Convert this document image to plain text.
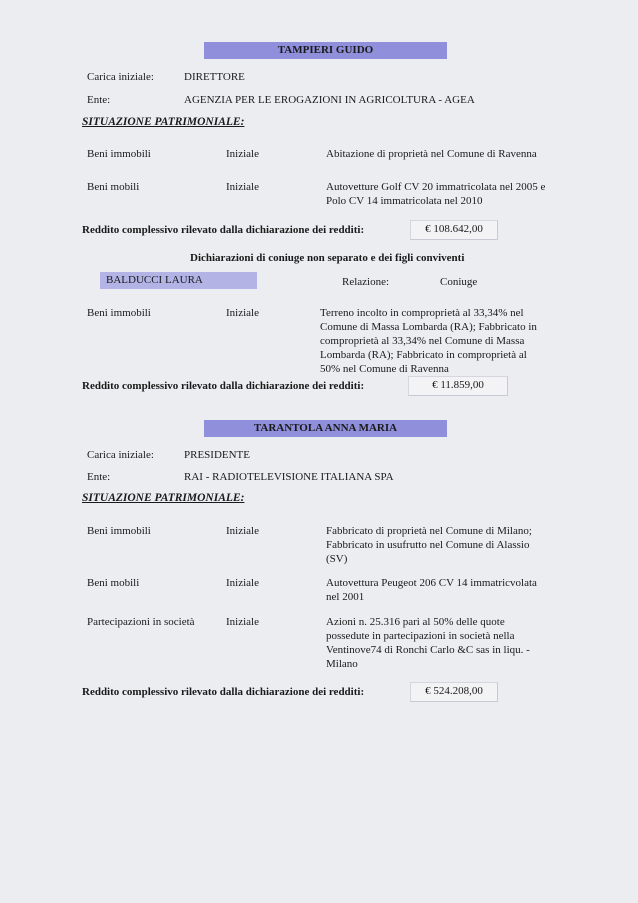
TAMPIERI GUIDO
Carica iniziale:	DIRETTORE
Ente:	AGENZIA PER LE EROGAZIONI IN AGRICOLTURA - AGEA
SITUAZIONE PATRIMONIALE:
Beni immobili	Iniziale	Abitazione di proprietà nel Comune di Ravenna
Beni mobili	Iniziale	Autovetture Golf CV 20 immatricolata nel 2005 e
Polo CV 14 immatricolata nel 2010
Reddito complessivo rilevato dalla dichiarazione dei redditi:	€ 108.642,00
Dichiarazioni di coniuge non separato e dei figli conviventi
BALDUCCI LAURA	Relazione:	Coniuge
Beni immobili	Iniziale	Terreno incolto in comproprietà al 33,34% nel
Comune di Massa Lombarda (RA); Fabbricato in
comproprietà al 33,34% nel Comune di Massa
Lombarda (RA); Fabbricato in comproprietà al
50% nel Comune di Ravenna
Reddito complessivo rilevato dalla dichiarazione dei redditi:	€ 11.859,00
TARANTOLA ANNA MARIA
Carica iniziale:	PRESIDENTE
Ente:	RAI - RADIOTELEVISIONE ITALIANA SPA
SITUAZIONE PATRIMONIALE:
Beni immobili	Iniziale	Fabbricato di proprietà nel Comune di Milano;
Fabbricato in usufrutto nel Comune di Alassio
(SV)
Beni mobili	Iniziale	Autovettura Peugeot 206 CV 14 immatricvolata
nel 2001
Partecipazioni in società	Iniziale	Azioni n. 25.316 pari al 50% delle quote
possedute in partecipazioni in società nella
Ventinove74 di Ronchi Carlo &C sas in liqu. -
Milano
Reddito complessivo rilevato dalla dichiarazione dei redditi:	€ 524.208,00
